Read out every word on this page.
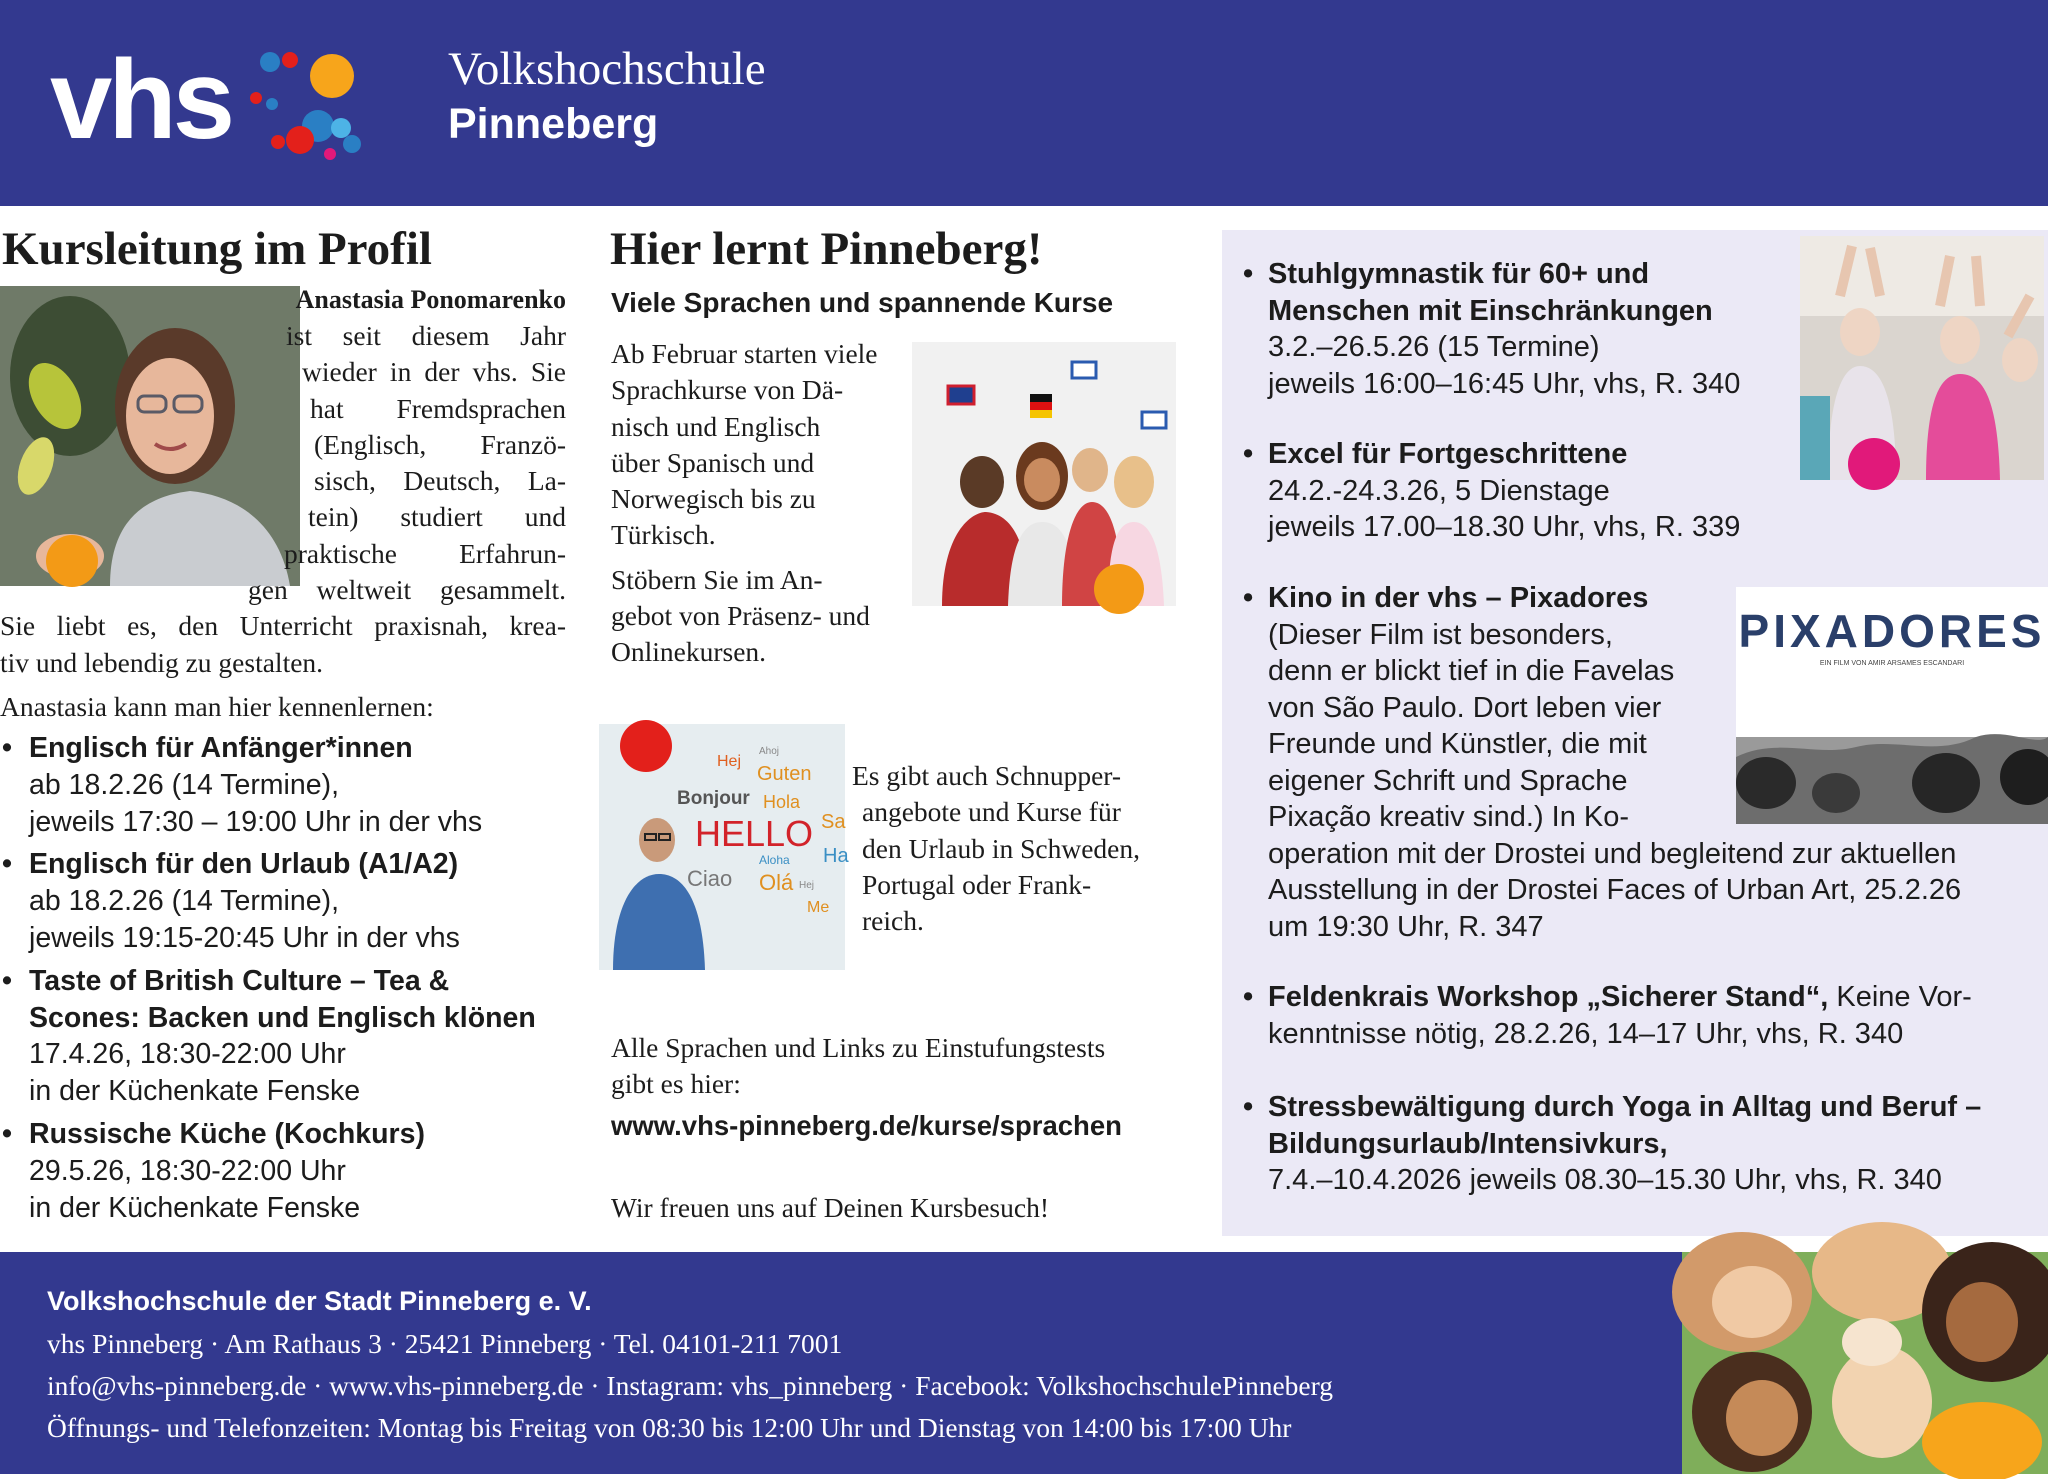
vhs	Volkshochschule
Pinneberg
Kursleitung im Profil
Anastasia Ponomarenko
ist seit diesem Jahr
wieder in der vhs. Sie
hat Fremdsprachen
(Englisch, Franzö-
sisch, Deutsch, La-
tein) studiert und
praktische Erfahrun-
gen weltweit gesammelt.
Sie liebt es, den Unterricht praxisnah, krea-
tiv und lebendig zu gestalten.
Anastasia kann man hier kennenlernen:
• Englisch für Anfänger*innen
ab 18.2.26 (14 Termine),
jeweils 17:30 – 19:00 Uhr in der vhs
• Englisch für den Urlaub (A1/A2)
ab 18.2.26 (14 Termine),
jeweils 19:15-20:45 Uhr in der vhs
• Taste of British Culture – Tea &
Scones: Backen und Englisch klönen
17.4.26, 18:30-22:00 Uhr
in der Küchenkate Fenske
• Russische Küche (Kochkurs)
29.5.26, 18:30-22:00 Uhr
in der Küchenkate Fenske
Hier lernt Pinneberg!
Viele Sprachen und spannende Kurse
Ab Februar starten viele
Sprachkurse von Dä-
nisch und Englisch
über Spanisch und
Norwegisch bis zu
Türkisch.
Stöbern Sie im An-
gebot von Präsenz- und
Onlinekursen.
Hej
Ahoj
Guten
Bonjour Hola
HELLO Sa
Ha
Ciao
Aloha
Olá Hej
Me
Es gibt auch Schnupper-
angebote und Kurse für
den Urlaub in Schweden,
Portugal oder Frank-
reich.
Alle Sprachen und Links zu Einstufungstests
gibt es hier:
www.vhs-pinneberg.de/kurse/sprachen
Wir freuen uns auf Deinen Kursbesuch!
PIXADORES
EIN FILM VON AMIR ARSAMES ESCANDARI
• Stuhlgymnastik für 60+ und
Menschen mit Einschränkungen
3.2.–26.5.26 (15 Termine)
jeweils 16:00–16:45 Uhr, vhs, R. 340
• Excel für Fortgeschrittene
24.2.-24.3.26, 5 Dienstage
jeweils 17.00–18.30 Uhr, vhs, R. 339
• Kino in der vhs – Pixadores
(Dieser Film ist besonders,
denn er blickt tief in die Favelas
von São Paulo. Dort leben vier
Freunde und Künstler, die mit
eigener Schrift und Sprache
Pixação kreativ sind.) In Ko-
operation mit der Drostei und begleitend zur aktuellen
Ausstellung in der Drostei Faces of Urban Art, 25.2.26
um 19:30 Uhr, R. 347
• Feldenkrais Workshop „Sicherer Stand“, Keine Vor-
kenntnisse nötig, 28.2.26, 14–17 Uhr, vhs, R. 340
• Stressbewältigung durch Yoga in Alltag und Beruf –
Bildungsurlaub/Intensivkurs,
7.4.–10.4.2026 jeweils 08.30–15.30 Uhr, vhs, R. 340
Volkshochschule der Stadt Pinneberg e. V.
vhs Pinneberg · Am Rathaus 3 · 25421 Pinneberg · Tel. 04101-211 7001
info@vhs-pinneberg.de · www.vhs-pinneberg.de · Instagram: vhs_pinneberg · Facebook: VolkshochschulePinneberg
Öffnungs- und Telefonzeiten: Montag bis Freitag von 08:30 bis 12:00 Uhr und Dienstag von 14:00 bis 17:00 Uhr
